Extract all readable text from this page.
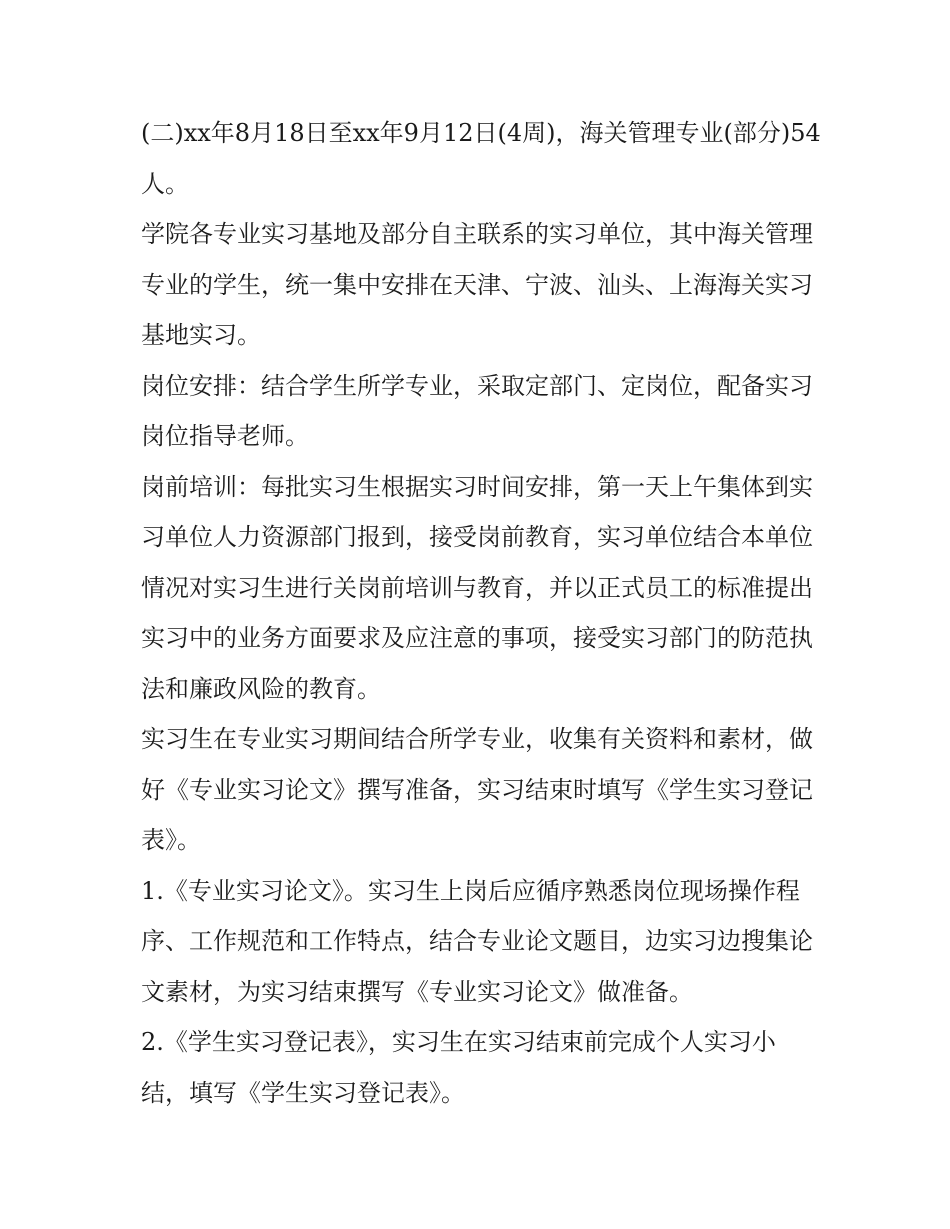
(二)xx年8月18日至xx年9月12日(4周)，海关管理专业(部分)54人。

学院各专业实习基地及部分自主联系的实习单位，其中海关管理专业的学生，统一集中安排在天津、宁波、汕头、上海海关实习基地实习。

岗位安排：结合学生所学专业，采取定部门、定岗位，配备实习岗位指导老师。

岗前培训：每批实习生根据实习时间安排，第一天上午集体到实习单位人力资源部门报到，接受岗前教育，实习单位结合本单位情况对实习生进行关岗前培训与教育，并以正式员工的标准提出实习中的业务方面要求及应注意的事项，接受实习部门的防范执法和廉政风险的教育。

实习生在专业实习期间结合所学专业，收集有关资料和素材，做好《专业实习论文》撰写准备，实习结束时填写《学生实习登记表》。

1.《专业实习论文》。实习生上岗后应循序熟悉岗位现场操作程序、工作规范和工作特点，结合专业论文题目，边实习边搜集论文素材，为实习结束撰写《专业实习论文》做准备。

2.《学生实习登记表》，实习生在实习结束前完成个人实习小结，填写《学生实习登记表》。
